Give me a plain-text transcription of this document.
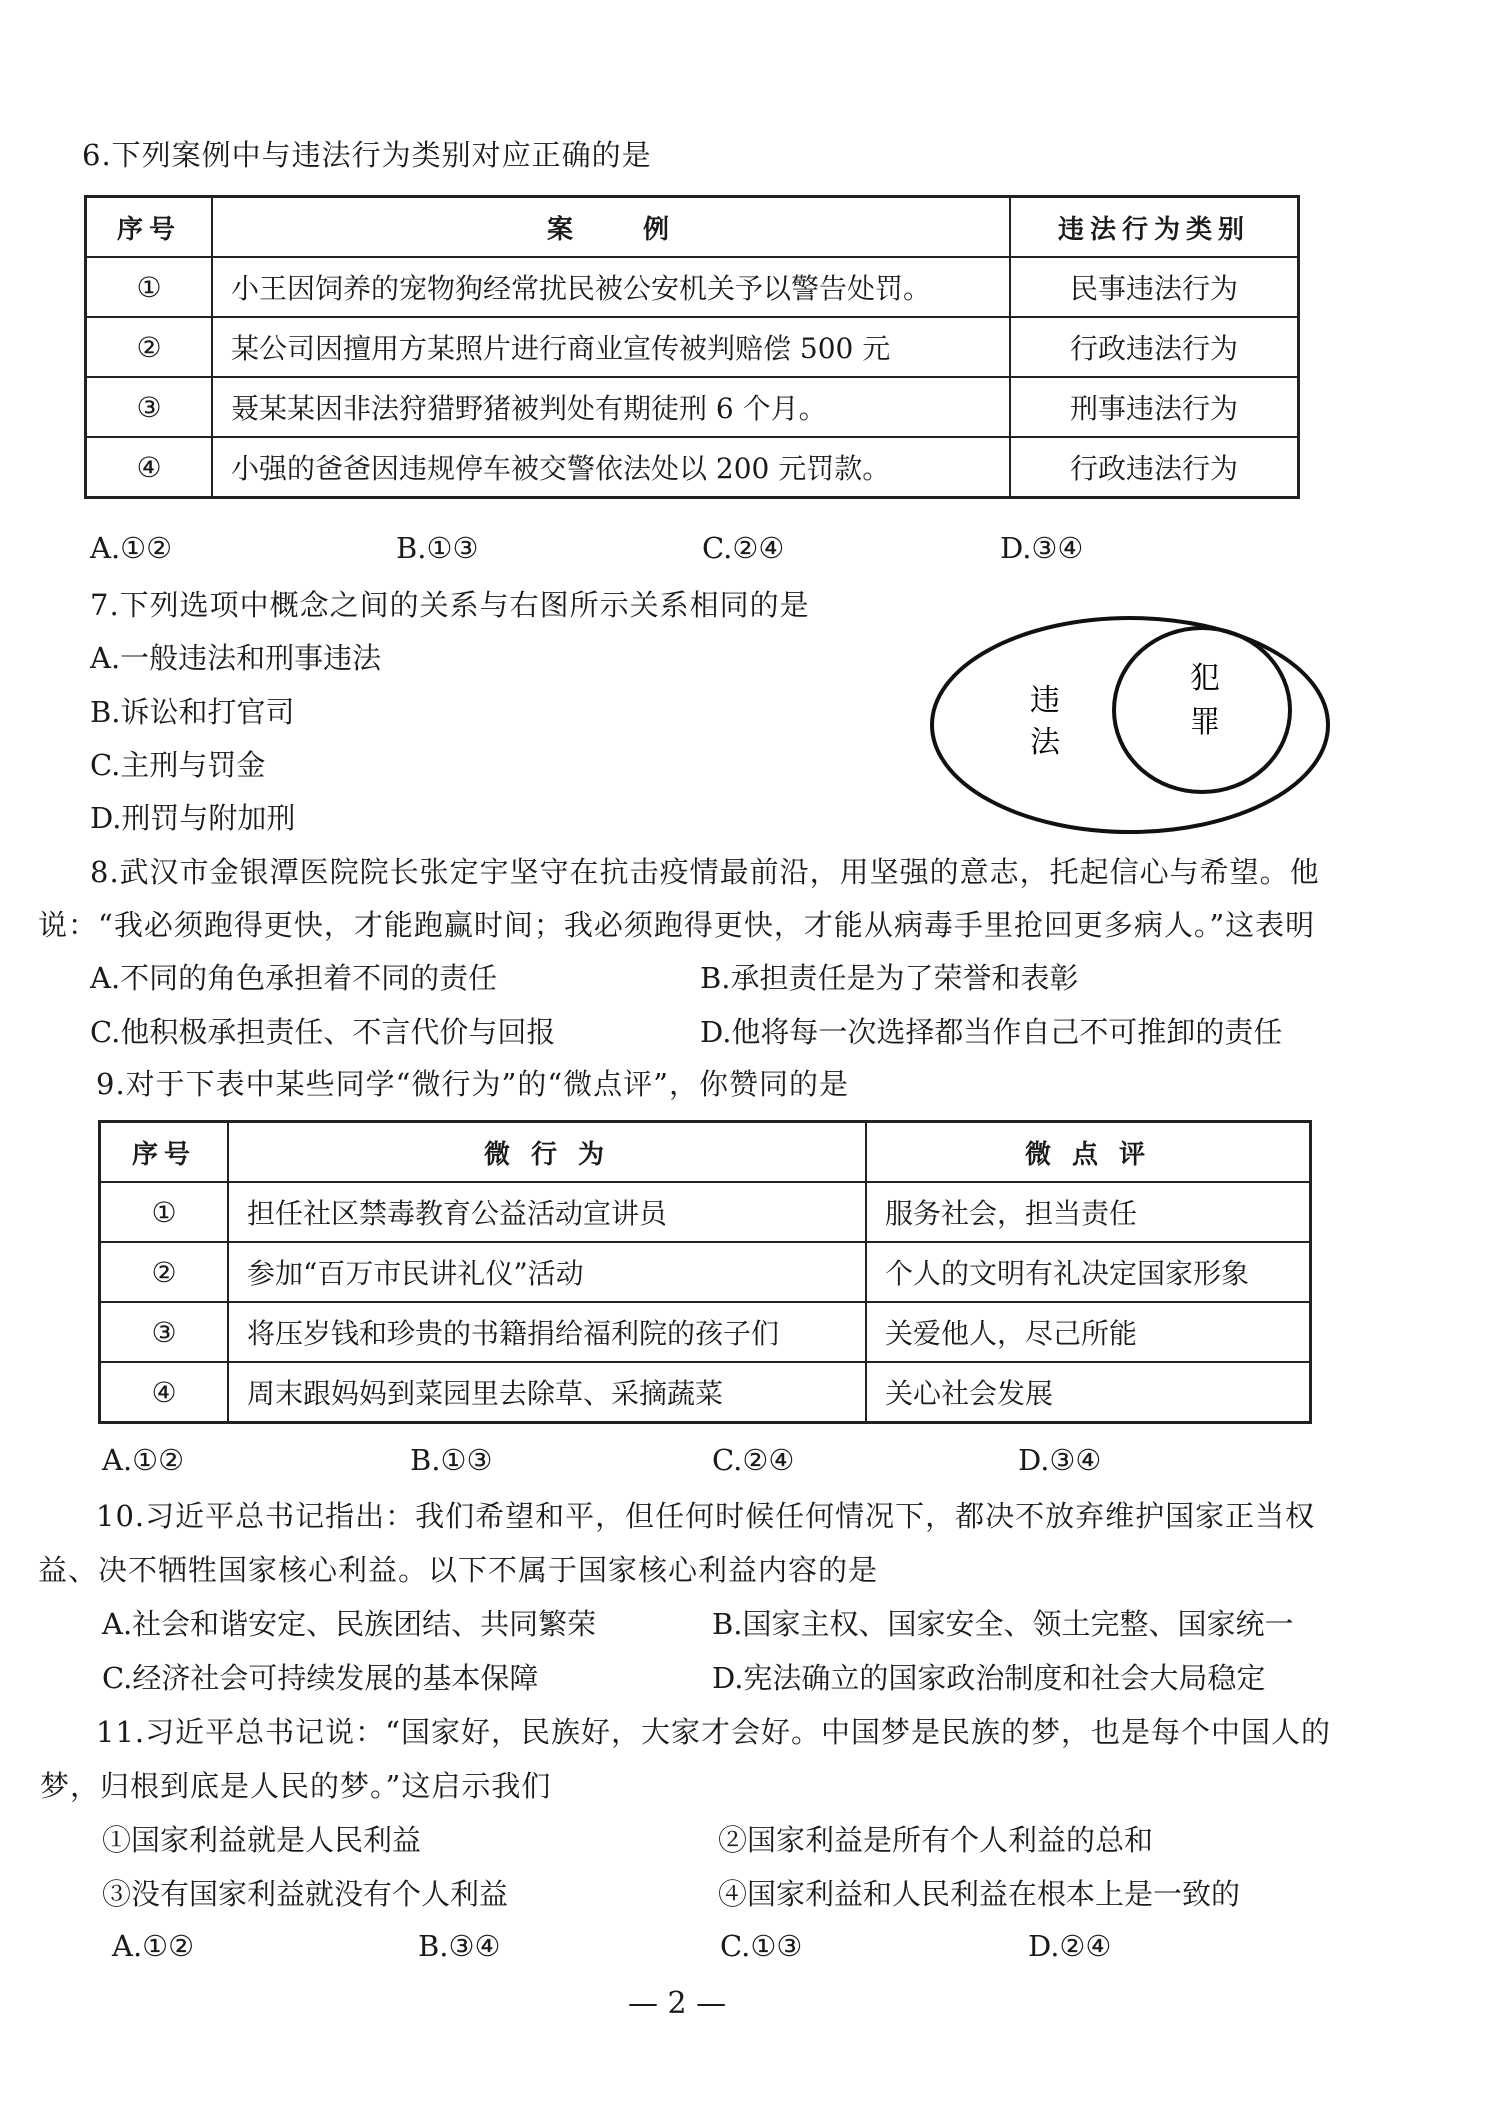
6.下列案例中与违法行为类别对应正确的是
序号	案　　例	违法行为类别
①	小王因饲养的宠物狗经常扰民被公安机关予以警告处罚。	民事违法行为
②	某公司因擅用方某照片进行商业宣传被判赔偿 500 元	行政违法行为
③	聂某某因非法狩猎野猪被判处有期徒刑 6 个月。	刑事违法行为
④	小强的爸爸因违规停车被交警依法处以 200 元罚款。	行政违法行为
A.①②	B.①③	C.②④	D.③④
7.下列选项中概念之间的关系与右图所示关系相同的是
A.一般违法和刑事违法
B.诉讼和打官司
C.主刑与罚金
D.刑罚与附加刑
违
法
犯
罪
8.武汉市金银潭医院院长张定宇坚守在抗击疫情最前沿，用坚强的意志，托起信心与希望。他
说：“我必须跑得更快，才能跑赢时间；我必须跑得更快，才能从病毒手里抢回更多病人。”这表明
A.不同的角色承担着不同的责任	B.承担责任是为了荣誉和表彰
C.他积极承担责任、不言代价与回报	D.他将每一次选择都当作自己不可推卸的责任
9.对于下表中某些同学“微行为”的“微点评”，你赞同的是
序号	微 行 为	微 点 评
①	担任社区禁毒教育公益活动宣讲员	服务社会，担当责任
②	参加“百万市民讲礼仪”活动	个人的文明有礼决定国家形象
③	将压岁钱和珍贵的书籍捐给福利院的孩子们	关爱他人，尽己所能
④	周末跟妈妈到菜园里去除草、采摘蔬菜	关心社会发展
A.①②	B.①③	C.②④	D.③④
10.习近平总书记指出：我们希望和平，但任何时候任何情况下，都决不放弃维护国家正当权
益、决不牺牲国家核心利益。以下不属于国家核心利益内容的是
A.社会和谐安定、民族团结、共同繁荣	B.国家主权、国家安全、领土完整、国家统一
C.经济社会可持续发展的基本保障	D.宪法确立的国家政治制度和社会大局稳定
11.习近平总书记说：“国家好，民族好，大家才会好。中国梦是民族的梦，也是每个中国人的
梦，归根到底是人民的梦。”这启示我们
①国家利益就是人民利益	②国家利益是所有个人利益的总和
③没有国家利益就没有个人利益	④国家利益和人民利益在根本上是一致的
A.①②	B.③④	C.①③	D.②④
— 2 —
